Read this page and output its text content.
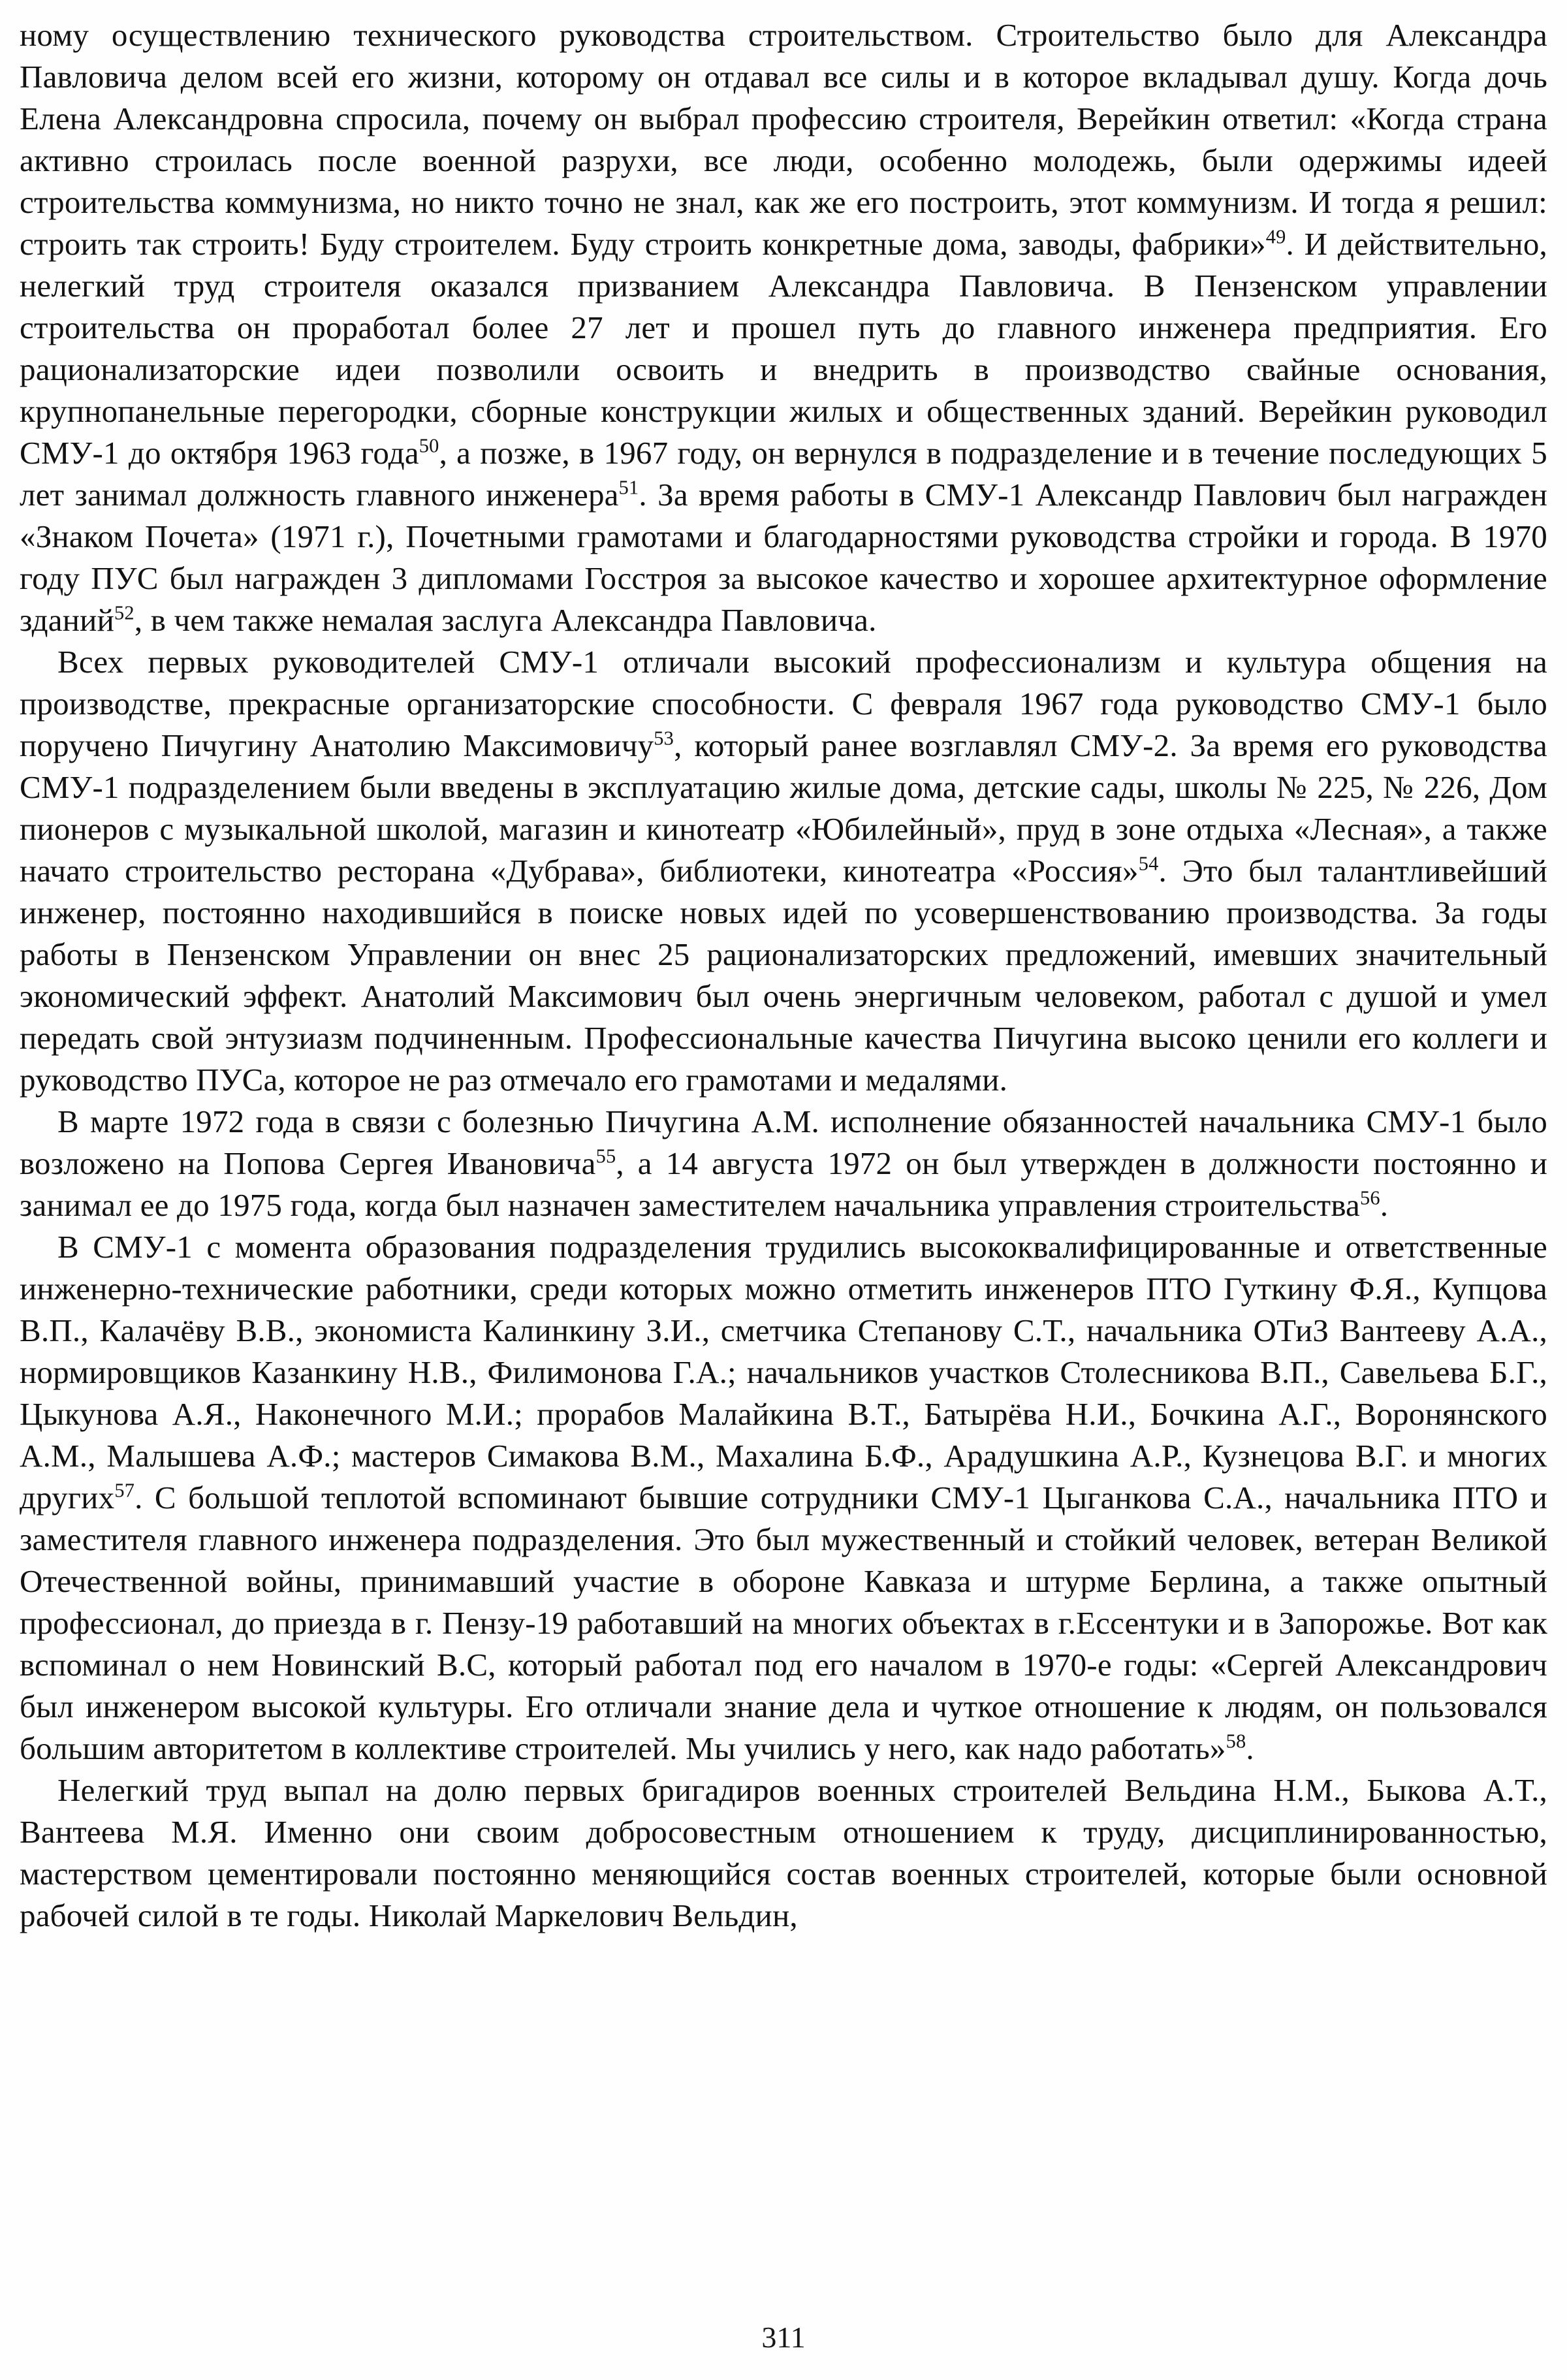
ному осуществлению технического руководства строительством. Строительство было для Александра Павловича делом всей его жизни, которому он отдавал все силы и в которое вкладывал душу. Когда дочь Елена Александровна спросила, почему он выбрал профессию строителя, Верейкин ответил: «Когда страна активно строилась после военной разрухи, все люди, особенно молодежь, были одержимы идеей строительства коммунизма, но никто точно не знал, как же его построить, этот коммунизм. И тогда я решил: строить так строить! Буду строителем. Буду строить конкретные дома, заводы, фабрики»$^{49}$. И действительно, нелегкий труд строителя оказался призванием Александра Павловича. В Пензенском управлении строительства он проработал более 27 лет и прошел путь до главного инженера предприятия. Его рационализаторские идеи позволили освоить и внедрить в производство свайные основания, крупнопанельные перегородки, сборные конструкции жилых и общественных зданий. Верейкин руководил СМУ-1 до октября 1963 года$^{50}$, а позже, в 1967 году, он вернулся в подразделение и в течение последующих 5 лет занимал должность главного инженера$^{51}$. За время работы в СМУ-1 Александр Павлович был награжден «Знаком Почета» (1971 г.), Почетными грамотами и благодарностями руководства стройки и города. В 1970 году ПУС был награжден 3 дипломами Госстроя за высокое качество и хорошее архитектурное оформление зданий$^{52}$, в чем также немалая заслуга Александра Павловича.

Всех первых руководителей СМУ-1 отличали высокий профессионализм и культура общения на производстве, прекрасные организаторские способности. С февраля 1967 года руководство СМУ-1 было поручено Пичугину Анатолию Максимовичу$^{53}$, который ранее возглавлял СМУ-2. За время его руководства СМУ-1 подразделением были введены в эксплуатацию жилые дома, детские сады, школы № 225, № 226, Дом пионеров с музыкальной школой, магазин и кинотеатр «Юбилейный», пруд в зоне отдыха «Лесная», а также начато строительство ресторана «Дубрава», библиотеки, кинотеатра «Россия»$^{54}$. Это был талантливейший инженер, постоянно находившийся в поиске новых идей по усовершенствованию производства. За годы работы в Пензенском Управлении он внес 25 рационализаторских предложений, имевших значительный экономический эффект. Анатолий Максимович был очень энергичным человеком, работал с душой и умел передать свой энтузиазм подчиненным. Профессиональные качества Пичугина высоко ценили его коллеги и руководство ПУСа, которое не раз отмечало его грамотами и медалями.

В марте 1972 года в связи с болезнью Пичугина А.М. исполнение обязанностей начальника СМУ-1 было возложено на Попова Сергея Ивановича$^{55}$, а 14 августа 1972 он был утвержден в должности постоянно и занимал ее до 1975 года, когда был назначен заместителем начальника управления строительства$^{56}$.

В СМУ-1 с момента образования подразделения трудились высококвалифицированные и ответственные инженерно-технические работники, среди которых можно отметить инженеров ПТО Гуткину Ф.Я., Купцова В.П., Калачёву В.В., экономиста Калинкину З.И., сметчика Степанову С.Т., начальника ОТиЗ Вантееву А.А., нормировщиков Казанкину Н.В., Филимонова Г.А.; начальников участков Столесникова В.П., Савельева Б.Г., Цыкунова А.Я., Наконечного М.И.; прорабов Малайкина В.Т., Батырёва Н.И., Бочкина А.Г., Воронянского А.М., Малышева А.Ф.; мастеров Симакова В.М., Махалина Б.Ф., Арадушкина А.Р., Кузнецова В.Г. и многих других$^{57}$. С большой теплотой вспоминают бывшие сотрудники СМУ-1 Цыганкова С.А., начальника ПТО и заместителя главного инженера подразделения. Это был мужественный и стойкий человек, ветеран Великой Отечественной войны, принимавший участие в обороне Кавказа и штурме Берлина, а также опытный профессионал, до приезда в г. Пензу-19 работавший на многих объектах в г.Ессентуки и в Запорожье. Вот как вспоминал о нем Новинский В.С, который работал под его началом в 1970-е годы: «Сергей Александрович был инженером высокой культуры. Его отличали знание дела и чуткое отношение к людям, он пользовался большим авторитетом в коллективе строителей. Мы учились у него, как надо работать»$^{58}$.

Нелегкий труд выпал на долю первых бригадиров военных строителей Вельдина Н.М., Быкова А.Т., Вантеева М.Я. Именно они своим добросовестным отношением к труду, дисциплинированностью, мастерством цементировали постоянно меняющийся состав военных строителей, которые были основной рабочей силой в те годы. Николай Маркелович Вельдин,

311
